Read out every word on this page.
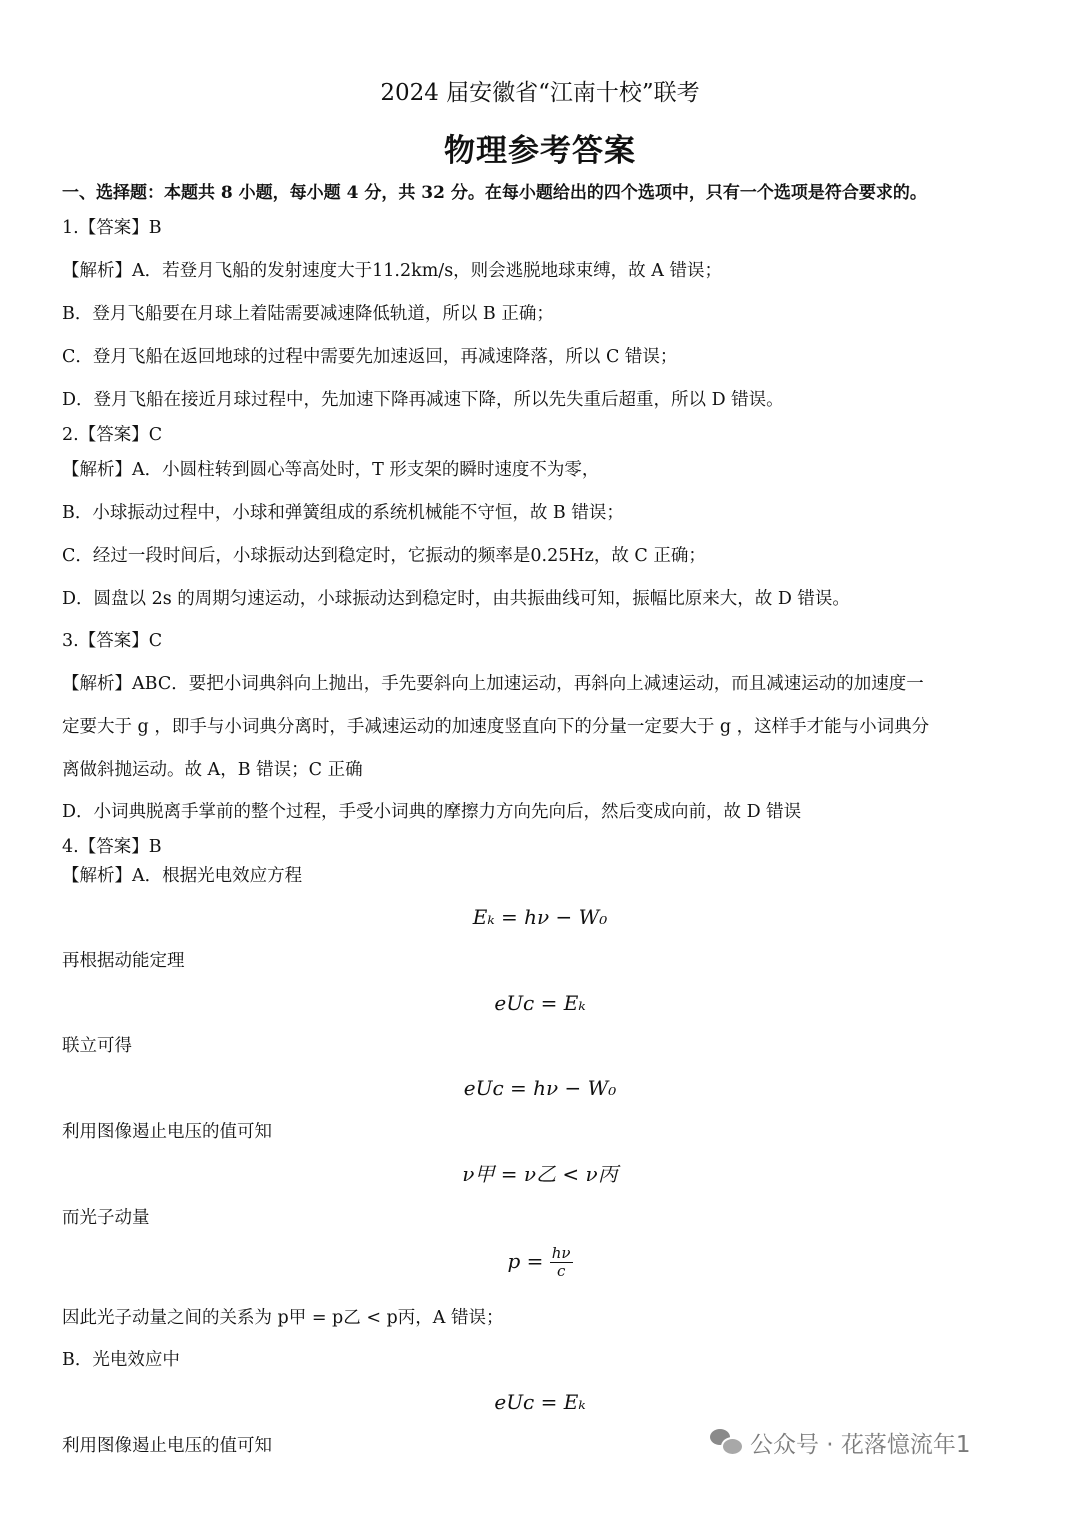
2024 届安徽省“江南十校”联考
物理参考答案
一、选择题：本题共 8 小题，每小题 4 分，共 32 分。在每小题给出的四个选项中，只有一个选项是符合要求的。
1.【答案】B
【解析】A．若登月飞船的发射速度大于11.2km/s，则会逃脱地球束缚，故 A 错误；
B．登月飞船要在月球上着陆需要减速降低轨道，所以 B 正确；
C．登月飞船在返回地球的过程中需要先加速返回，再减速降落，所以 C 错误；
D．登月飞船在接近月球过程中，先加速下降再减速下降，所以先失重后超重，所以 D 错误。
2.【答案】C
【解析】A．小圆柱转到圆心等高处时，T 形支架的瞬时速度不为零，
B．小球振动过程中，小球和弹簧组成的系统机械能不守恒，故 B 错误；
C．经过一段时间后，小球振动达到稳定时，它振动的频率是0.25Hz，故 C 正确；
D．圆盘以 2s 的周期匀速运动，小球振动达到稳定时，由共振曲线可知，振幅比原来大，故 D 错误。
3.【答案】C
【解析】ABC．要把小词典斜向上抛出，手先要斜向上加速运动，再斜向上减速运动，而且减速运动的加速度一
定要大于 g ，即手与小词典分离时，手减速运动的加速度竖直向下的分量一定要大于 g ，这样手才能与小词典分
离做斜抛运动。故 A，B 错误；C 正确
D．小词典脱离手掌前的整个过程，手受小词典的摩擦力方向先向后，然后变成向前，故 D 错误
4.【答案】B
【解析】A．根据光电效应方程
Eₖ = hν − W₀
再根据动能定理
eUᴄ = Eₖ
联立可得
eUᴄ = hν − W₀
利用图像遏止电压的值可知
ν甲 = ν乙 < ν丙
而光子动量
$p = \frac{h\nu}{c}$
因此光子动量之间的关系为 p甲 = p乙 < p丙，A 错误；
B．光电效应中
eUᴄ = Eₖ
利用图像遏止电压的值可知	公众号 · 花落憶流年1
